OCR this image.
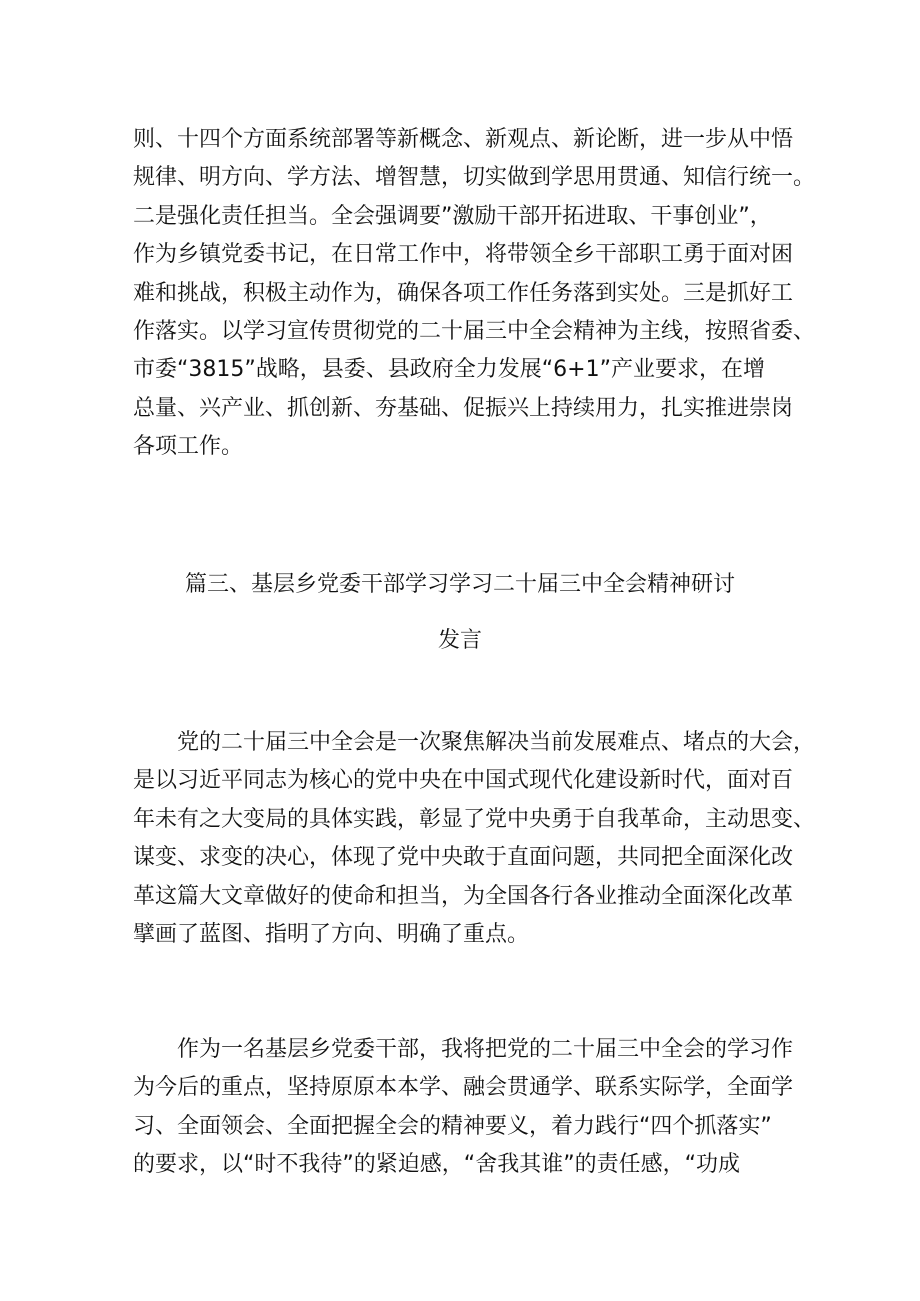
则、十四个方面系统部署等新概念、新观点、新论断，进一步从中悟
规律、明方向、学方法、增智慧，切实做到学思用贯通、知信行统一。
二是强化责任担当。全会强调要”激励干部开拓进取、干事创业”，
作为乡镇党委书记，在日常工作中，将带领全乡干部职工勇于面对困
难和挑战，积极主动作为，确保各项工作任务落到实处。三是抓好工
作落实。以学习宣传贯彻党的二十届三中全会精神为主线，按照省委、
市委“3815”战略，县委、县政府全力发展“6+1”产业要求，在增
总量、兴产业、抓创新、夯基础、促振兴上持续用力，扎实推进崇岗
各项工作。
篇三、基层乡党委干部学习学习二十届三中全会精神研讨
发言
党的二十届三中全会是一次聚焦解决当前发展难点、堵点的大会，
是以习近平同志为核心的党中央在中国式现代化建设新时代，面对百
年未有之大变局的具体实践，彰显了党中央勇于自我革命，主动思变、
谋变、求变的决心，体现了党中央敢于直面问题，共同把全面深化改
革这篇大文章做好的使命和担当，为全国各行各业推动全面深化改革
擘画了蓝图、指明了方向、明确了重点。
作为一名基层乡党委干部，我将把党的二十届三中全会的学习作
为今后的重点，坚持原原本本学、融会贯通学、联系实际学，全面学
习、全面领会、全面把握全会的精神要义，着力践行“四个抓落实”
的要求，以“时不我待”的紧迫感，“舍我其谁”的责任感，“功成
